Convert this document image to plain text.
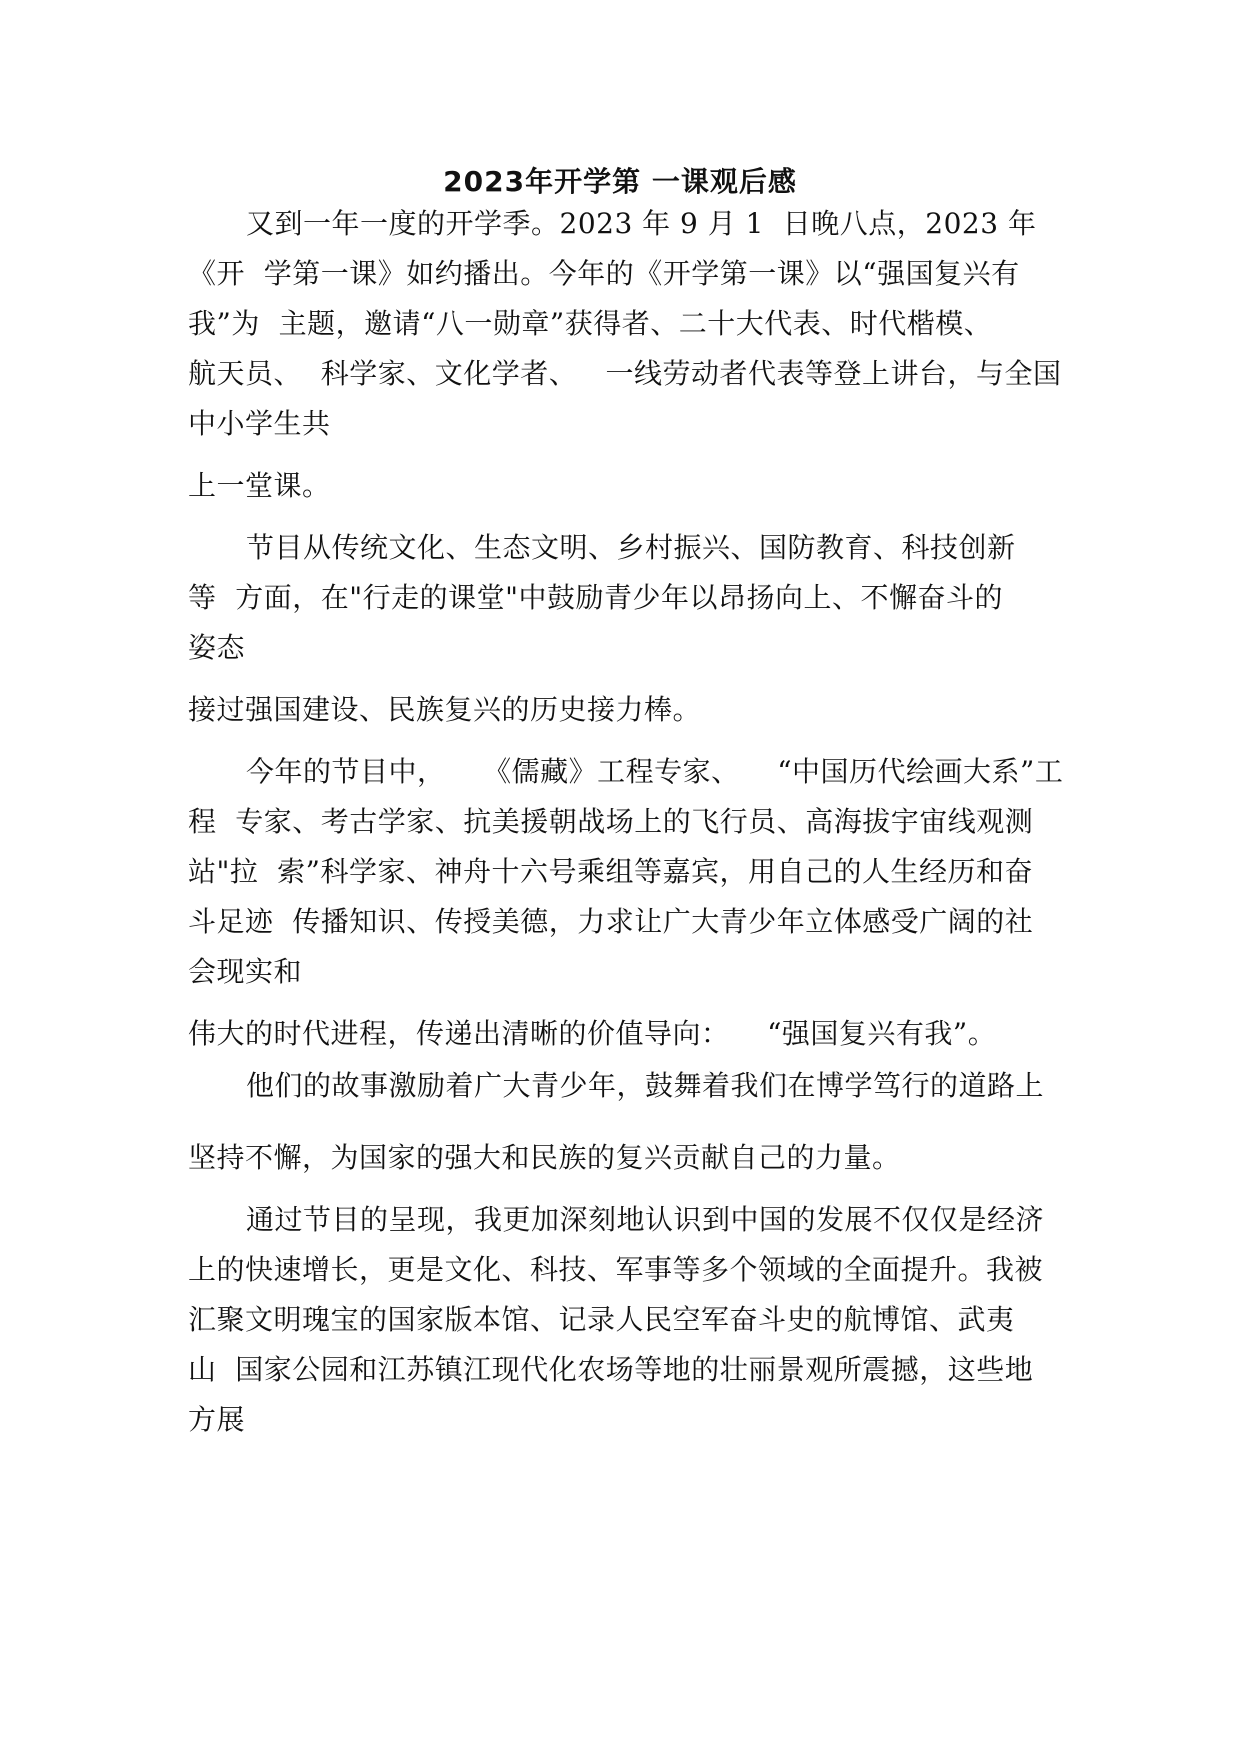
2023年开学第 一课观后感
又到一年一度的开学季。2023 年 9 月 1  日晚八点，2023 年
《开  学第一课》如约播出。今年的《开学第一课》以“强国复兴有
我”为  主题，邀请“八一勋章”获得者、二十大代表、时代楷模、
航天员、  科学家、文化学者、   一线劳动者代表等登上讲台，与全国
中小学生共
上一堂课。
节目从传统文化、生态文明、乡村振兴、国防教育、科技创新
等  方面，在"行走的课堂"中鼓励青少年以昂扬向上、不懈奋斗的
姿态
接过强国建设、民族复兴的历史接力棒。
今年的节目中，    《儒藏》工程专家、    “中国历代绘画大系”工
程  专家、考古学家、抗美援朝战场上的飞行员、高海拔宇宙线观测
站"拉  索”科学家、神舟十六号乘组等嘉宾，用自己的人生经历和奋
斗足迹  传播知识、传授美德，力求让广大青少年立体感受广阔的社
会现实和
伟大的时代进程，传递出清晰的价值导向：    “强国复兴有我”。
他们的故事激励着广大青少年，鼓舞着我们在博学笃行的道路上
坚持不懈，为国家的强大和民族的复兴贡献自己的力量。
通过节目的呈现，我更加深刻地认识到中国的发展不仅仅是经济
上的快速增长，更是文化、科技、军事等多个领域的全面提升。我被
汇聚文明瑰宝的国家版本馆、记录人民空军奋斗史的航博馆、武夷
山  国家公园和江苏镇江现代化农场等地的壮丽景观所震撼，这些地
方展
